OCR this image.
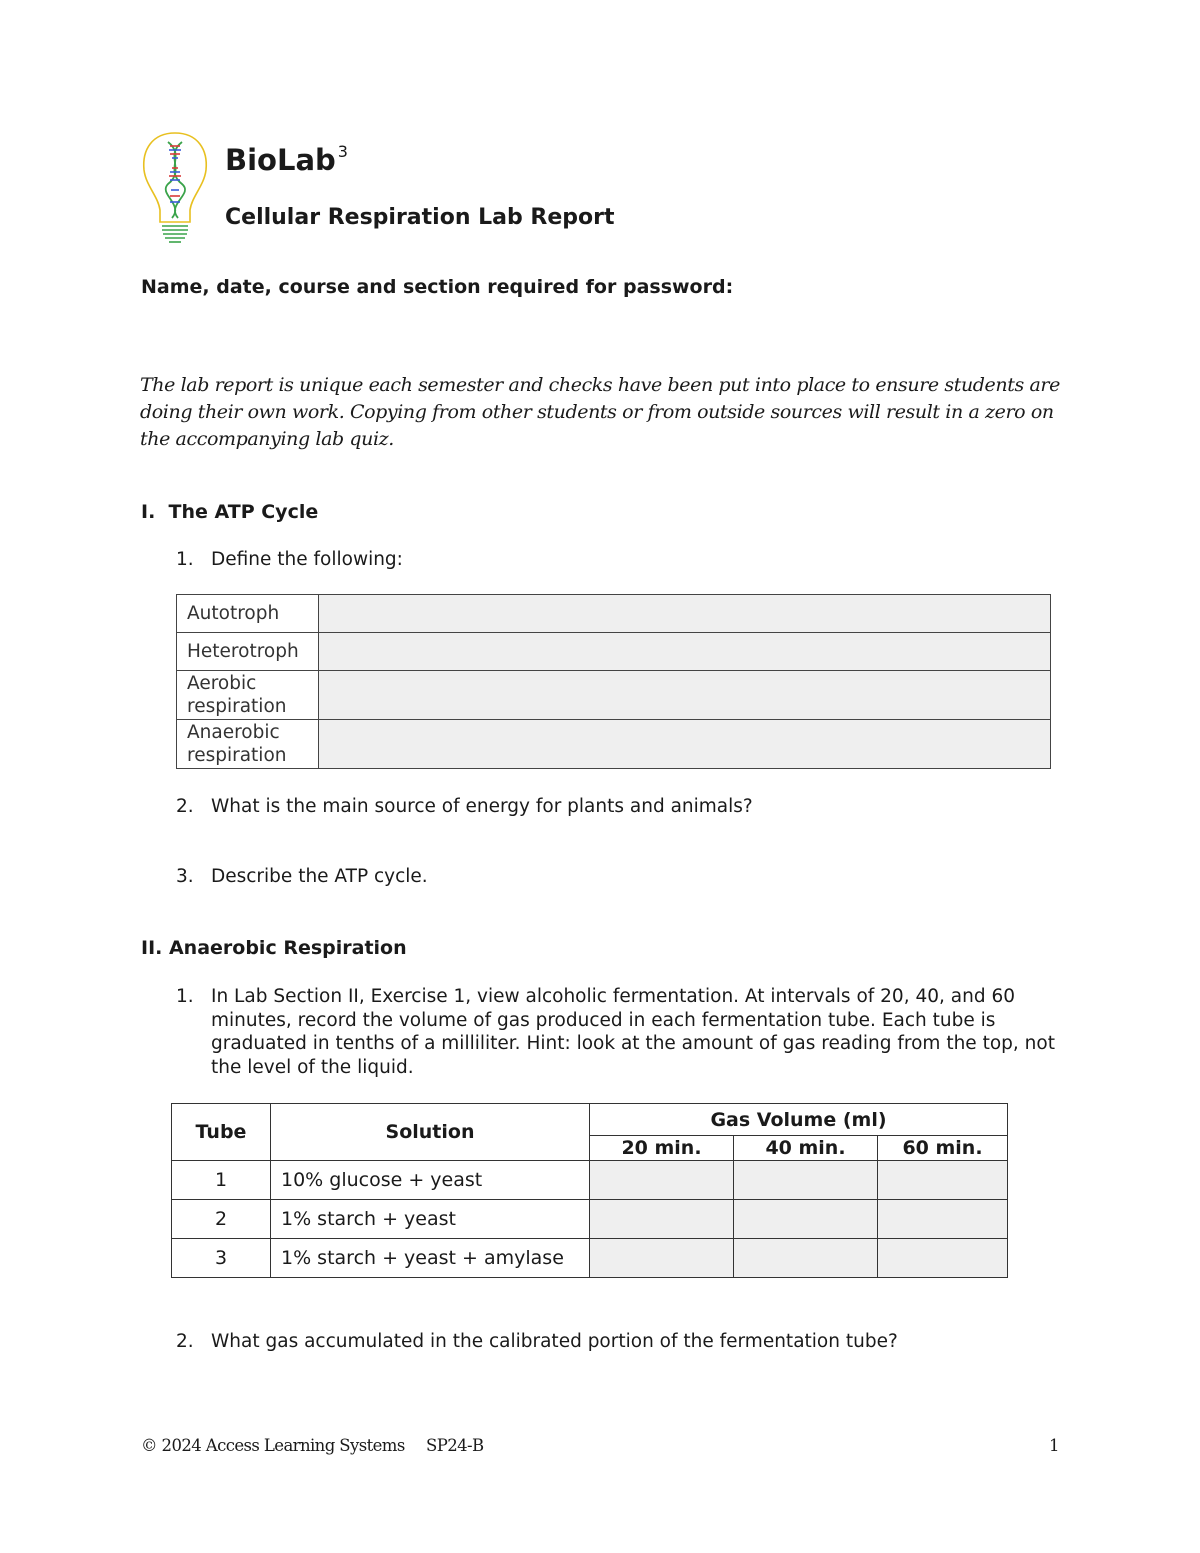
BioLab $^3$
Cellular Respiration Lab Report
Name, date, course and section required for password:
The lab report is unique each semester and checks have been put into place to ensure students are doing their own work. Copying from other students or from outside sources will result in a zero on the accompanying lab quiz.
I.  The ATP Cycle
1. Define the following:
Autotroph	
Heterotroph	
Aerobic respiration	
Anaerobic respiration	
2. What is the main source of energy for plants and animals?
3. Describe the ATP cycle.
II. Anaerobic Respiration
1. In Lab Section II, Exercise 1, view alcoholic fermentation. At intervals of 20, 40, and 60 minutes, record the volume of gas produced in each fermentation tube. Each tube is graduated in tenths of a milliliter. Hint: look at the amount of gas reading from the top, not the level of the liquid.
Tube	Solution	Gas Volume (ml)		
		20 min.	40 min.	60 min.
1	10% glucose + yeast			
2	1% starch + yeast			
3	1% starch + yeast + amylase			
2. What gas accumulated in the calibrated portion of the fermentation tube?
© 2024 Access Learning Systems SP24-B	1
